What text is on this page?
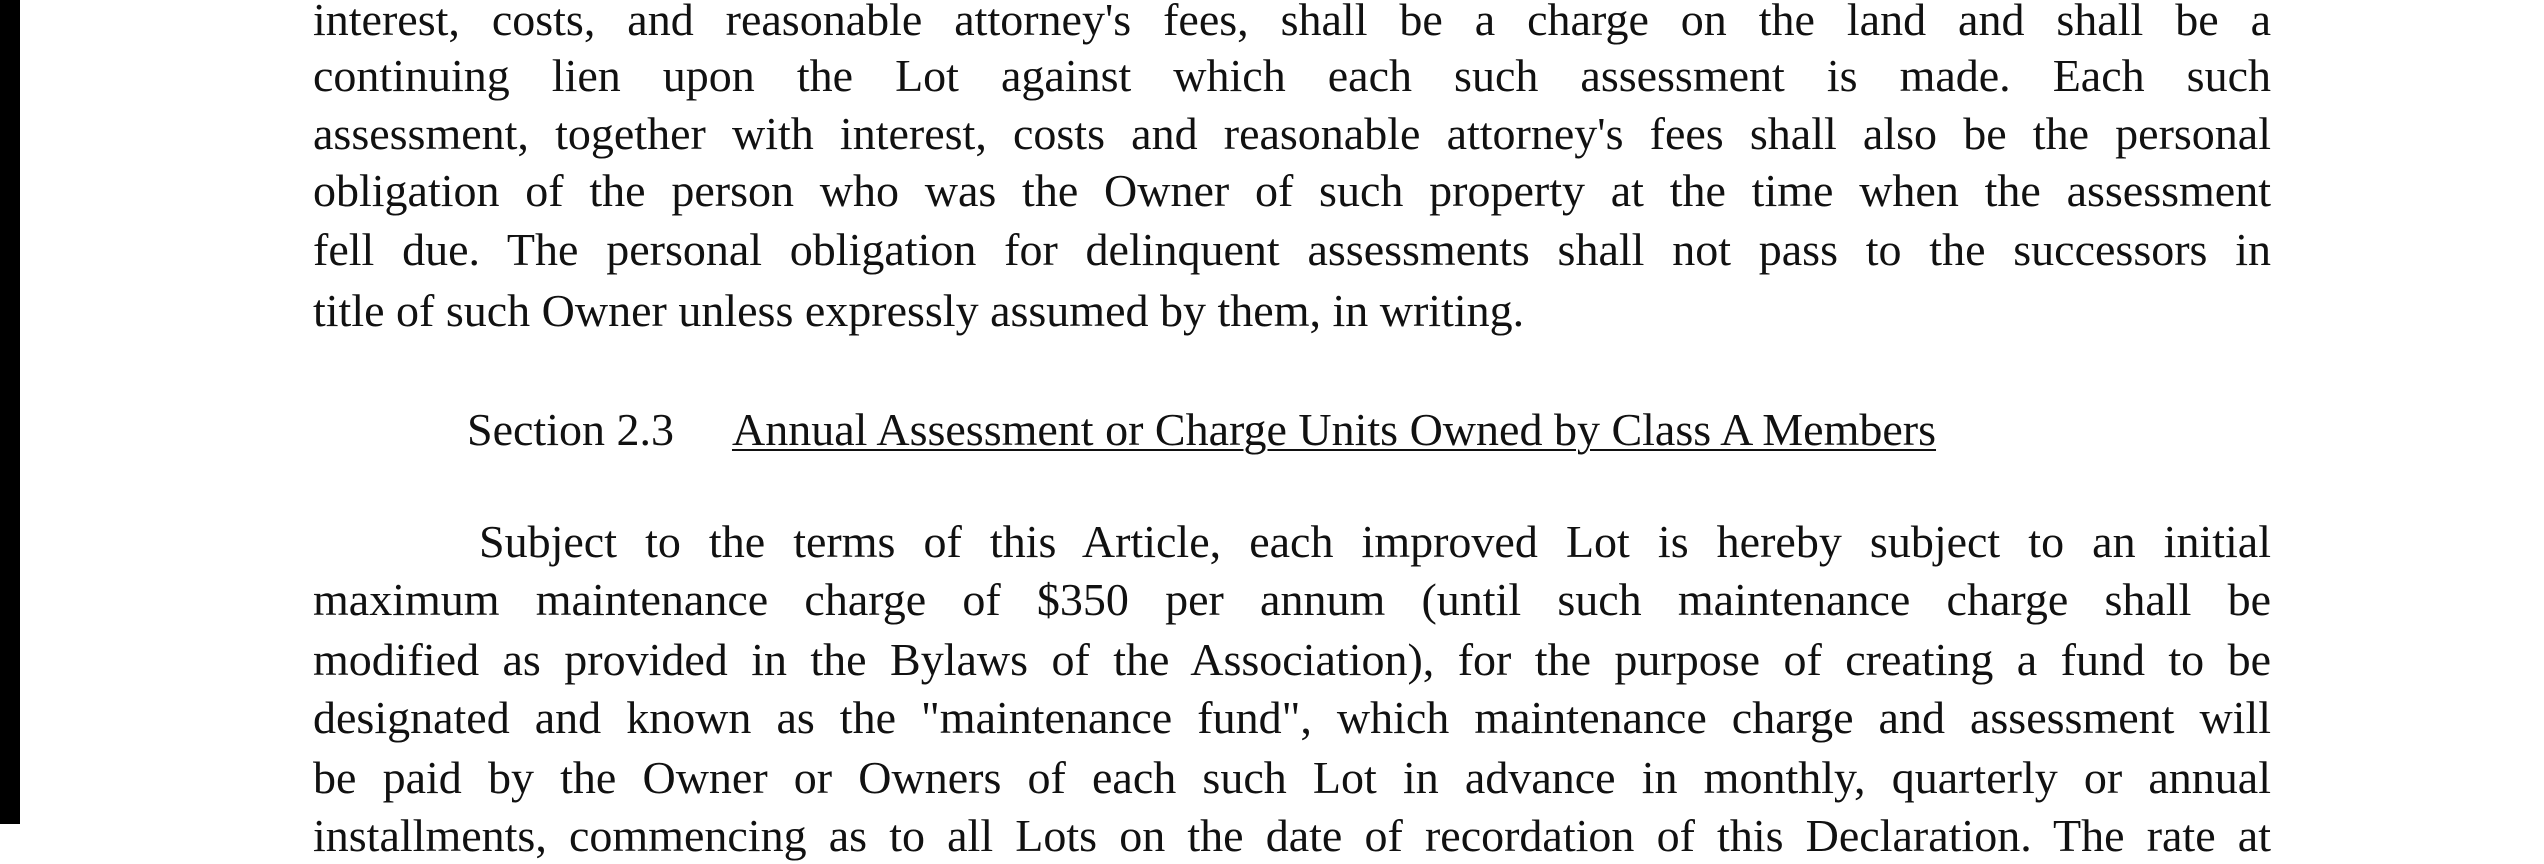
interest, costs, and reasonable attorney's fees, shall be a charge on the land and shall be a
continuing lien upon the Lot against which each such assessment is made. Each such
assessment, together with interest, costs and reasonable attorney's fees shall also be the personal
obligation of the person who was the Owner of such property at the time when the assessment
fell due. The personal obligation for delinquent assessments shall not pass to the successors in
title of such Owner unless expressly assumed by them, in writing.
Section 2.3 Annual Assessment or Charge Units Owned by Class A Members
Subject to the terms of this Article, each improved Lot is hereby subject to an initial
maximum maintenance charge of $350 per annum (until such maintenance charge shall be
modified as provided in the Bylaws of the Association), for the purpose of creating a fund to be
designated and known as the "maintenance fund", which maintenance charge and assessment will
be paid by the Owner or Owners of each such Lot in advance in monthly, quarterly or annual
installments, commencing as to all Lots on the date of recordation of this Declaration. The rate at
